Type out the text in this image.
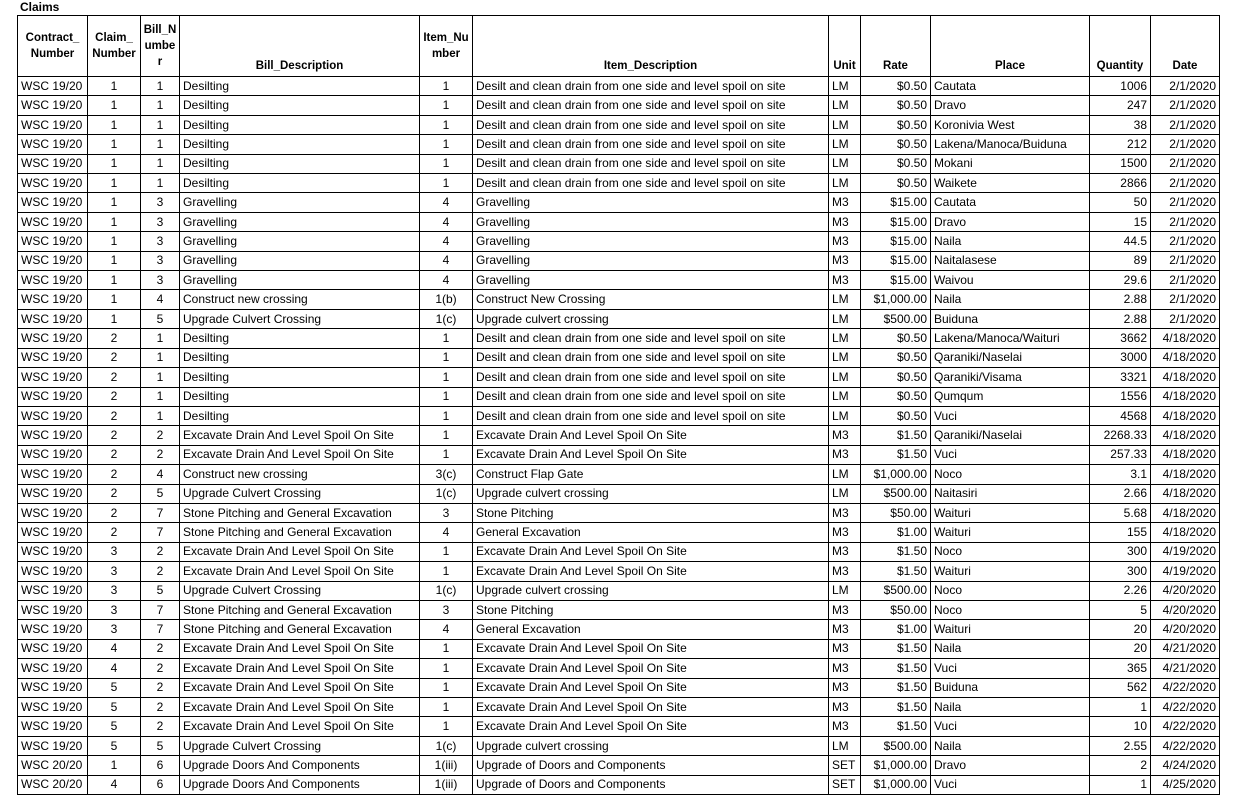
Claims
Contract_ Number	Claim_ Number	Bill_Number	Bill_Description	Item_Number	Item_Description	Unit	Rate	Place	Quantity	Date
WSC 19/20	1	1	Desilting	1	Desilt and clean drain from one side and level spoil on site	LM	$0.50	Cautata	1006	2/1/2020
WSC 19/20	1	1	Desilting	1	Desilt and clean drain from one side and level spoil on site	LM	$0.50	Dravo	247	2/1/2020
WSC 19/20	1	1	Desilting	1	Desilt and clean drain from one side and level spoil on site	LM	$0.50	Koronivia West	38	2/1/2020
WSC 19/20	1	1	Desilting	1	Desilt and clean drain from one side and level spoil on site	LM	$0.50	Lakena/Manoca/Buiduna	212	2/1/2020
WSC 19/20	1	1	Desilting	1	Desilt and clean drain from one side and level spoil on site	LM	$0.50	Mokani	1500	2/1/2020
WSC 19/20	1	1	Desilting	1	Desilt and clean drain from one side and level spoil on site	LM	$0.50	Waikete	2866	2/1/2020
WSC 19/20	1	3	Gravelling	4	Gravelling	M3	$15.00	Cautata	50	2/1/2020
WSC 19/20	1	3	Gravelling	4	Gravelling	M3	$15.00	Dravo	15	2/1/2020
WSC 19/20	1	3	Gravelling	4	Gravelling	M3	$15.00	Naila	44.5	2/1/2020
WSC 19/20	1	3	Gravelling	4	Gravelling	M3	$15.00	Naitalasese	89	2/1/2020
WSC 19/20	1	3	Gravelling	4	Gravelling	M3	$15.00	Waivou	29.6	2/1/2020
WSC 19/20	1	4	Construct new crossing	1(b)	Construct New Crossing	LM	$1,000.00	Naila	2.88	2/1/2020
WSC 19/20	1	5	Upgrade Culvert Crossing	1(c)	Upgrade culvert crossing	LM	$500.00	Buiduna	2.88	2/1/2020
WSC 19/20	2	1	Desilting	1	Desilt and clean drain from one side and level spoil on site	LM	$0.50	Lakena/Manoca/Waituri	3662	4/18/2020
WSC 19/20	2	1	Desilting	1	Desilt and clean drain from one side and level spoil on site	LM	$0.50	Qaraniki/Naselai	3000	4/18/2020
WSC 19/20	2	1	Desilting	1	Desilt and clean drain from one side and level spoil on site	LM	$0.50	Qaraniki/Visama	3321	4/18/2020
WSC 19/20	2	1	Desilting	1	Desilt and clean drain from one side and level spoil on site	LM	$0.50	Qumqum	1556	4/18/2020
WSC 19/20	2	1	Desilting	1	Desilt and clean drain from one side and level spoil on site	LM	$0.50	Vuci	4568	4/18/2020
WSC 19/20	2	2	Excavate Drain And Level Spoil On Site	1	Excavate Drain And Level Spoil On Site	M3	$1.50	Qaraniki/Naselai	2268.33	4/18/2020
WSC 19/20	2	2	Excavate Drain And Level Spoil On Site	1	Excavate Drain And Level Spoil On Site	M3	$1.50	Vuci	257.33	4/18/2020
WSC 19/20	2	4	Construct new crossing	3(c)	Construct Flap Gate	LM	$1,000.00	Noco	3.1	4/18/2020
WSC 19/20	2	5	Upgrade Culvert Crossing	1(c)	Upgrade culvert crossing	LM	$500.00	Naitasiri	2.66	4/18/2020
WSC 19/20	2	7	Stone Pitching and General Excavation	3	Stone Pitching	M3	$50.00	Waituri	5.68	4/18/2020
WSC 19/20	2	7	Stone Pitching and General Excavation	4	General Excavation	M3	$1.00	Waituri	155	4/18/2020
WSC 19/20	3	2	Excavate Drain And Level Spoil On Site	1	Excavate Drain And Level Spoil On Site	M3	$1.50	Noco	300	4/19/2020
WSC 19/20	3	2	Excavate Drain And Level Spoil On Site	1	Excavate Drain And Level Spoil On Site	M3	$1.50	Waituri	300	4/19/2020
WSC 19/20	3	5	Upgrade Culvert Crossing	1(c)	Upgrade culvert crossing	LM	$500.00	Noco	2.26	4/20/2020
WSC 19/20	3	7	Stone Pitching and General Excavation	3	Stone Pitching	M3	$50.00	Noco	5	4/20/2020
WSC 19/20	3	7	Stone Pitching and General Excavation	4	General Excavation	M3	$1.00	Waituri	20	4/20/2020
WSC 19/20	4	2	Excavate Drain And Level Spoil On Site	1	Excavate Drain And Level Spoil On Site	M3	$1.50	Naila	20	4/21/2020
WSC 19/20	4	2	Excavate Drain And Level Spoil On Site	1	Excavate Drain And Level Spoil On Site	M3	$1.50	Vuci	365	4/21/2020
WSC 19/20	5	2	Excavate Drain And Level Spoil On Site	1	Excavate Drain And Level Spoil On Site	M3	$1.50	Buiduna	562	4/22/2020
WSC 19/20	5	2	Excavate Drain And Level Spoil On Site	1	Excavate Drain And Level Spoil On Site	M3	$1.50	Naila	1	4/22/2020
WSC 19/20	5	2	Excavate Drain And Level Spoil On Site	1	Excavate Drain And Level Spoil On Site	M3	$1.50	Vuci	10	4/22/2020
WSC 19/20	5	5	Upgrade Culvert Crossing	1(c)	Upgrade culvert crossing	LM	$500.00	Naila	2.55	4/22/2020
WSC 20/20	1	6	Upgrade Doors And Components	1(iii)	Upgrade of Doors and Components	SET	$1,000.00	Dravo	2	4/24/2020
WSC 20/20	4	6	Upgrade Doors And Components	1(iii)	Upgrade of Doors and Components	SET	$1,000.00	Vuci	1	4/25/2020
